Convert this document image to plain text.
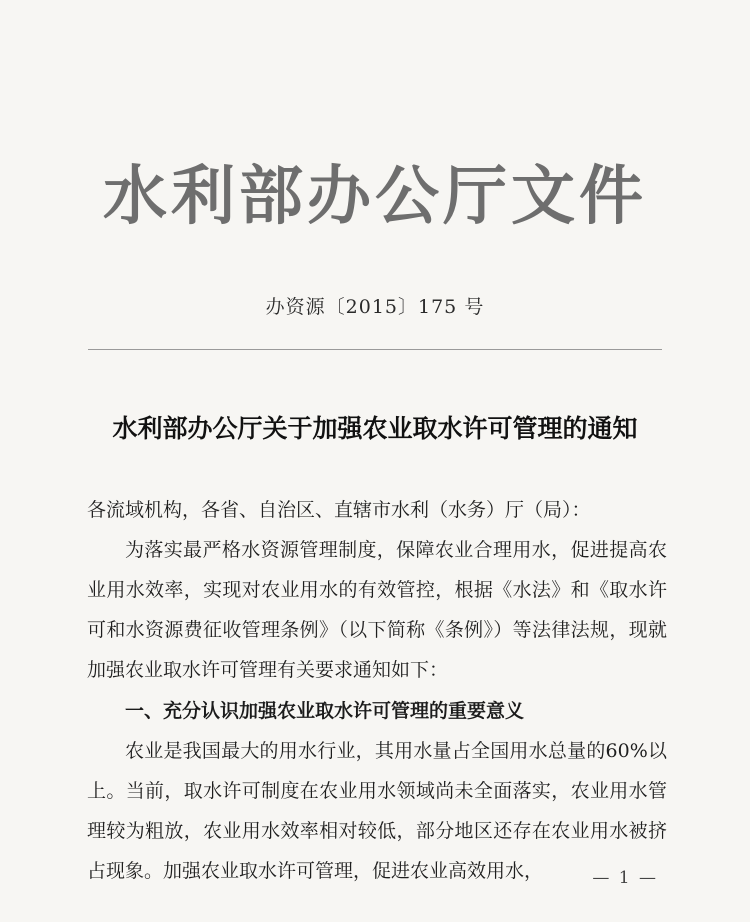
水利部办公厅文件
办资源〔2015〕175 号
水利部办公厅关于加强农业取水许可管理的通知
各流域机构，各省、自治区、直辖市水利（水务）厅（局）：

为落实最严格水资源管理制度，保障农业合理用水，促进提高农业用水效率，实现对农业用水的有效管控，根据《水法》和《取水许可和水资源费征收管理条例》（以下简称《条例》）等法律法规，现就加强农业取水许可管理有关要求通知如下：

一、充分认识加强农业取水许可管理的重要意义

农业是我国最大的用水行业，其用水量占全国用水总量的60%以上。当前，取水许可制度在农业用水领域尚未全面落实，农业用水管理较为粗放，农业用水效率相对较低，部分地区还存在农业用水被挤占现象。加强农业取水许可管理，促进农业高效用水，	— 1 —
